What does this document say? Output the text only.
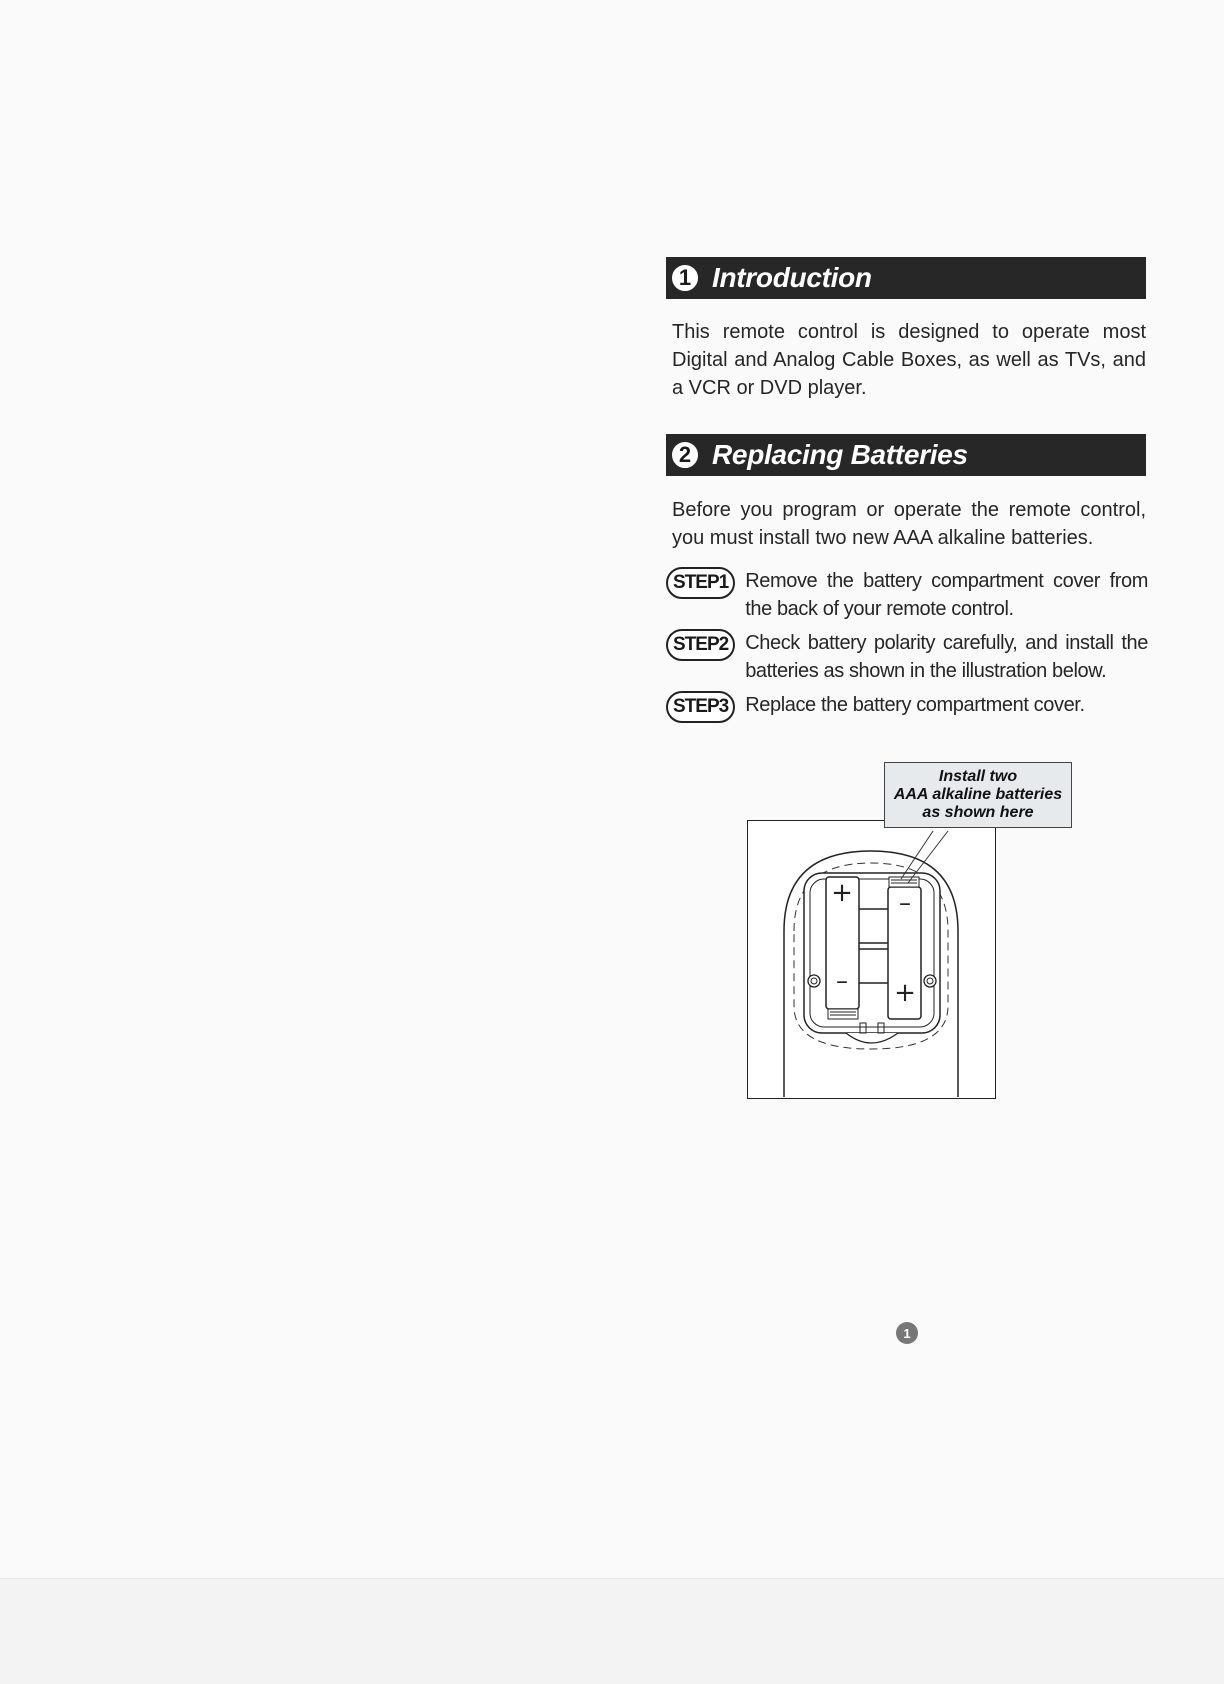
1 Introduction

This remote control is designed to operate most Digital and Analog Cable Boxes, as well as TVs, and a VCR or DVD player.

2 Replacing Batteries

Before you program or operate the remote control, you must install two new AAA alkaline batteries.

STEP1 Remove the battery compartment cover from the back of your remote control.
STEP2 Check battery polarity carefully, and install the batteries as shown in the illustration below.
STEP3 Replace the battery compartment cover.
+
–
–
+
Install two
AAA alkaline batteries
as shown here
1
